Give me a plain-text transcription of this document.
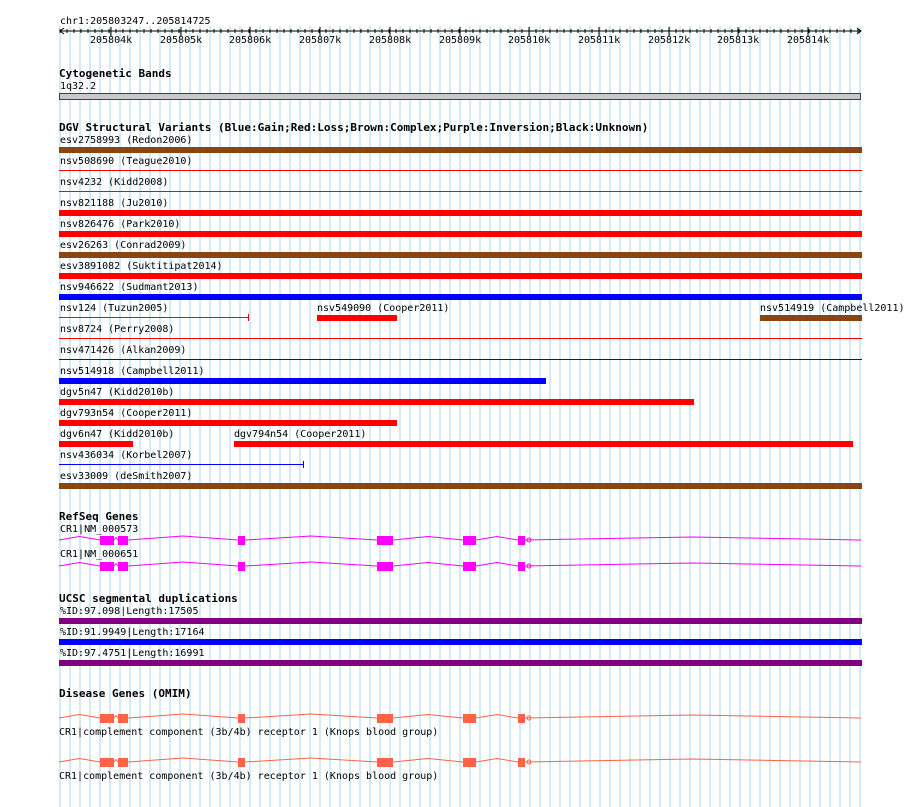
chr1:205803247..205814725
205804k	205805k	205806k	205807k	205808k	205809k	205810k	205811k	205812k	205813k	205814k
Cytogenetic Bands
1q32.2
DGV Structural Variants (Blue:Gain;Red:Loss;Brown:Complex;Purple:Inversion;Black:Unknown)
esv2758993 (Redon2006)
nsv508690 (Teague2010)
nsv4232 (Kidd2008)
nsv821188 (Ju2010)
nsv826476 (Park2010)
esv26263 (Conrad2009)
esv3891082 (Suktitipat2014)
nsv946622 (Sudmant2013)
nsv124 (Tuzun2005)	nsv549090 (Cooper2011)	nsv514919 (Campbell2011)
nsv8724 (Perry2008)
nsv471426 (Alkan2009)
nsv514918 (Campbell2011)
dgv5n47 (Kidd2010b)
dgv793n54 (Cooper2011)
dgv6n47 (Kidd2010b)	dgv794n54 (Cooper2011)
nsv436034 (Korbel2007)
esv33009 (deSmith2007)
RefSeq Genes
CR1|NM_000573
CR1|NM_000651
UCSC segmental duplications
%ID:97.098|Length:17505
%ID:91.9949|Length:17164
%ID:97.4751|Length:16991
Disease Genes (OMIM)
CR1|complement component (3b/4b) receptor 1 (Knops blood group)
CR1|complement component (3b/4b) receptor 1 (Knops blood group)
